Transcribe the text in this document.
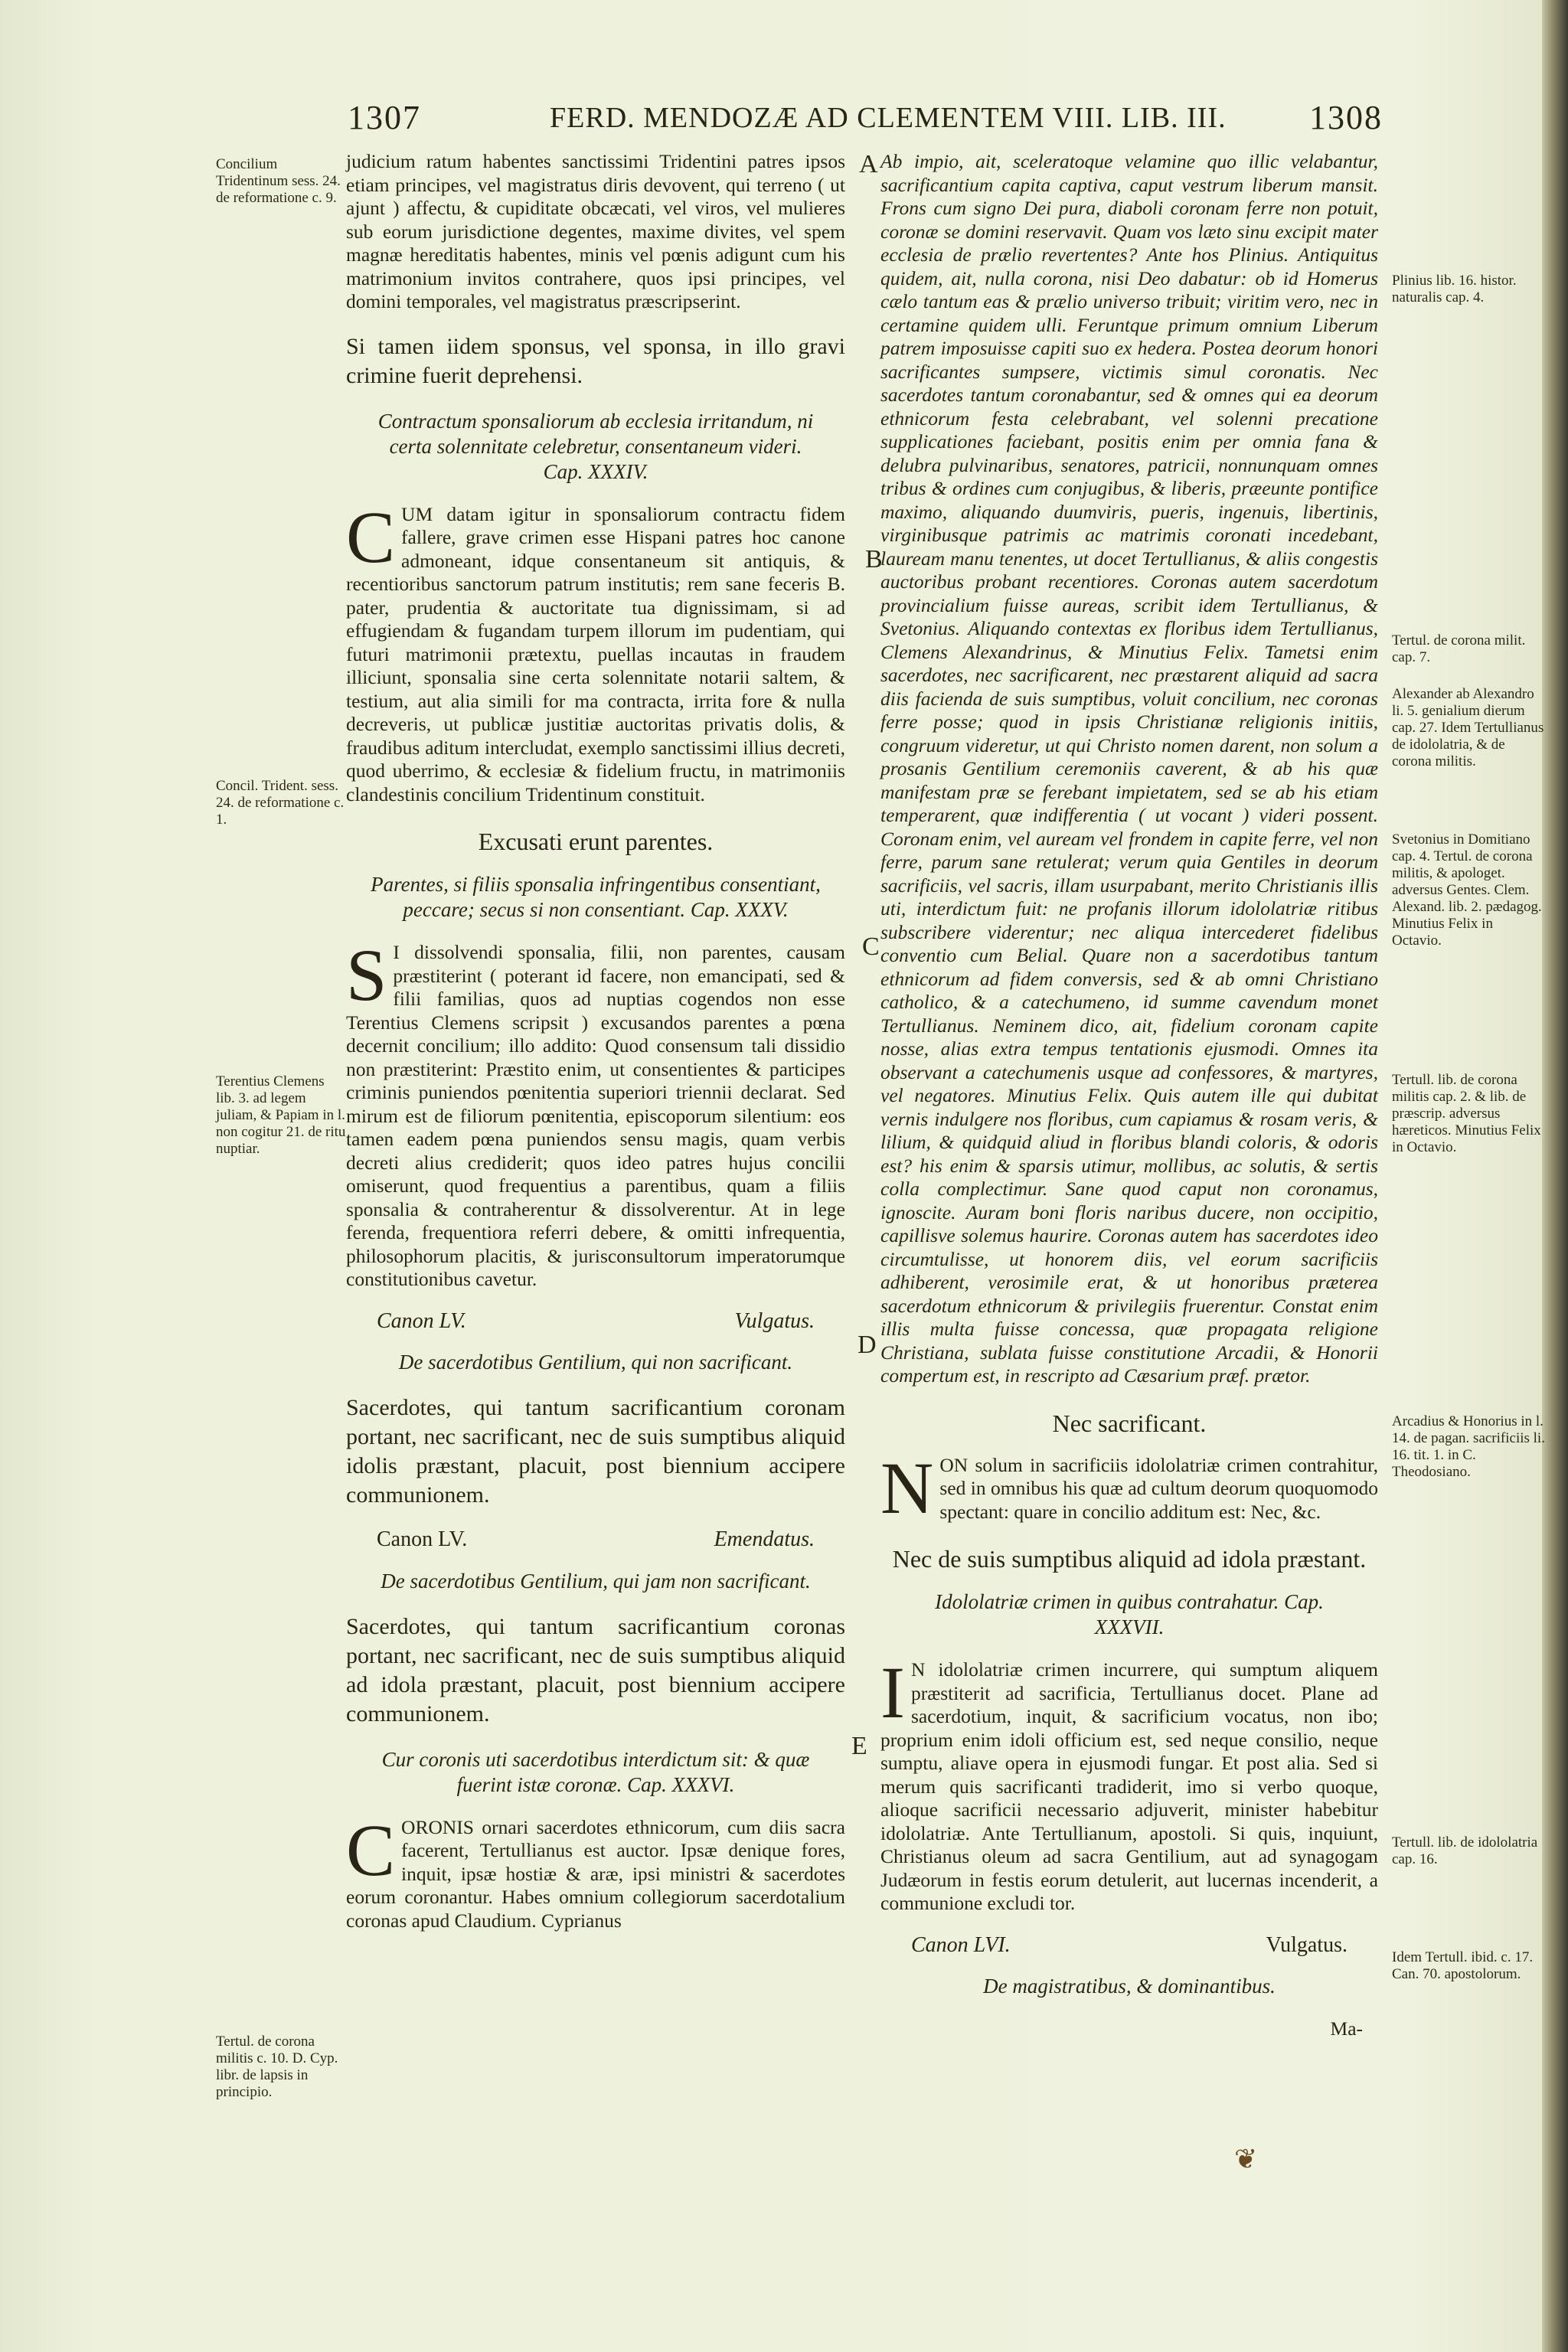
1307	FERD. MENDOZÆ AD CLEMENTEM VIII. LIB. III. 1308
Concilium Tridentinum sess. 24. de reformatione c. 9.
Concil. Trident. sess. 24. de reformatione c. 1.
Terentius Clemens lib. 3. ad legem juliam, & Papiam in l. non cogitur 21. de ritu nuptiar.
Tertul. de corona militis c. 10. D. Cyp. libr. de lapsis in principio.
A
B
C
D
E

judicium ratum habentes sanctissimi Tridentini patres ipsos etiam principes, vel magistratus diris devovent, qui terreno ( ut ajunt ) affectu, & cupiditate obcæcati, vel viros, vel mulieres sub eorum jurisdictione degentes, maxime divites, vel spem magnæ hereditatis habentes, minis vel pœnis adigunt cum his matrimonium invitos contrahere, quos ipsi principes, vel domini temporales, vel magistratus præscripserint.

Si tamen iidem sponsus, vel sponsa, in illo gravi crimine fuerit deprehensi.

Contractum sponsaliorum ab ecclesia irritandum, ni certa solennitate celebretur, consentaneum videri. Cap. XXXIV.

CUM datam igitur in sponsaliorum contractu fidem fallere, grave crimen esse Hispani patres hoc canone admoneant, idque consentaneum sit antiquis, & recentioribus sanctorum patrum institutis; rem sane feceris B. pater, prudentia & auctoritate tua dignissimam, si ad effugiendam & fugandam turpem illorum im pudentiam, qui futuri matrimonii prætextu, puellas incautas in fraudem illiciunt, sponsalia sine certa solennitate notarii saltem, & testium, aut alia simili for ma contracta, irrita fore & nulla decreveris, ut publicæ justitiæ auctoritas privatis dolis, & fraudibus aditum intercludat, exemplo sanctissimi illius decreti, quod uberrimo, & ecclesiæ & fidelium fructu, in matrimoniis clandestinis concilium Tridentinum constituit.

Excusati erunt parentes.

Parentes, si filiis sponsalia infringentibus consentiant, peccare; secus si non consentiant. Cap. XXXV.

S I dissolvendi sponsalia, filii, non parentes, causam præstiterint ( poterant id facere, non emancipati, sed & filii familias, quos ad nuptias cogendos non esse Terentius Clemens scripsit ) excusandos parentes a pœna decernit concilium; illo addito: Quod consensum tali dissidio non præstiterint: Præstito enim, ut consentientes & participes criminis puniendos pœnitentia superiori triennii declarat. Sed mirum est de filiorum pœnitentia, episcoporum silentium: eos tamen eadem pœna puniendos sensu magis, quam verbis decreti alius crediderit; quos ideo patres hujus concilii omiserunt, quod frequentius a parentibus, quam a filiis sponsalia & contraherentur & dissolverentur. At in lege ferenda, frequentiora referri debere, & omitti infrequentia, philosophorum placitis, & jurisconsultorum imperatorumque constitutionibus cavetur.

Canon LV.	Vulgatus.

De sacerdotibus Gentilium, qui non sacrificant.

Sacerdotes, qui tantum sacrificantium coronam portant, nec sacrificant, nec de suis sumptibus aliquid idolis præstant, placuit, post biennium accipere communionem.

Canon LV.	Emendatus.

De sacerdotibus Gentilium, qui jam non sacrificant.

Sacerdotes, qui tantum sacrificantium coronas portant, nec sacrificant, nec de suis sumptibus aliquid ad idola præstant, placuit, post biennium accipere communionem.

Cur coronis uti sacerdotibus interdictum sit: & quæ fuerint istæ coronæ. Cap. XXXVI.

CORONIS ornari sacerdotes ethnicorum, cum diis sacra facerent, Tertullianus est auctor. Ipsæ denique fores, inquit, ipsæ hostiæ & aræ, ipsi ministri & sacerdotes eorum coronantur. Habes omnium collegiorum sacerdotalium coronas apud Claudium. Cyprianus

Ab impio, ait, sceleratoque velamine quo illic velabantur, sacrificantium capita captiva, caput vestrum liberum mansit. Frons cum signo Dei pura, diaboli coronam ferre non potuit, coronæ se domini reservavit. Quam vos læto sinu excipit mater ecclesia de prælio revertentes? Ante hos Plinius. Antiquitus quidem, ait, nulla corona, nisi Deo dabatur: ob id Homerus cælo tantum eas & prælio universo tribuit; viritim vero, nec in certamine quidem ulli. Feruntque primum omnium Liberum patrem imposuisse capiti suo ex hedera. Postea deorum honori sacrificantes sumpsere, victimis simul coronatis. Nec sacerdotes tantum coronabantur, sed & omnes qui ea deorum ethnicorum festa celebrabant, vel solenni precatione supplicationes faciebant, positis enim per omnia fana & delubra pulvinaribus, senatores, patricii, nonnunquam omnes tribus & ordines cum conjugibus, & liberis, præeunte pontifice maximo, aliquando duumviris, pueris, ingenuis, libertinis, virginibusque patrimis ac matrimis coronati incedebant, lauream manu tenentes, ut docet Tertullianus, & aliis congestis auctoribus probant recentiores. Coronas autem sacerdotum provincialium fuisse aureas, scribit idem Tertullianus, & Svetonius. Aliquando contextas ex floribus idem Tertullianus, Clemens Alexandrinus, & Minutius Felix. Tametsi enim sacerdotes, nec sacrificarent, nec præstarent aliquid ad sacra diis facienda de suis sumptibus, voluit concilium, nec coronas ferre posse; quod in ipsis Christianæ religionis initiis, congruum videretur, ut qui Christo nomen darent, non solum a prosanis Gentilium ceremoniis caverent, & ab his quæ manifestam præ se ferebant impietatem, sed se ab his etiam temperarent, quæ indifferentia ( ut vocant ) videri possent. Coronam enim, vel auream vel frondem in capite ferre, vel non ferre, parum sane retulerat; verum quia Gentiles in deorum sacrificiis, vel sacris, illam usurpabant, merito Christianis illis uti, interdictum fuit: ne profanis illorum idololatriæ ritibus subscribere viderentur; nec aliqua intercederet fidelibus conventio cum Belial. Quare non a sacerdotibus tantum ethnicorum ad fidem conversis, sed & ab omni Christiano catholico, & a catechumeno, id summe cavendum monet Tertullianus. Neminem dico, ait, fidelium coronam capite nosse, alias extra tempus tentationis ejusmodi. Omnes ita observant a catechumenis usque ad confessores, & martyres, vel negatores. Minutius Felix. Quis autem ille qui dubitat vernis indulgere nos floribus, cum capiamus & rosam veris, & lilium, & quidquid aliud in floribus blandi coloris, & odoris est? his enim & sparsis utimur, mollibus, ac solutis, & sertis colla complectimur. Sane quod caput non coronamus, ignoscite. Auram boni floris naribus ducere, non occipitio, capillisve solemus haurire. Coronas autem has sacerdotes ideo circumtulisse, ut honorem diis, vel eorum sacrificiis adhiberent, verosimile erat, & ut honoribus præterea sacerdotum ethnicorum & privilegiis fruerentur. Constat enim illis multa fuisse concessa, quæ propagata religione Christiana, sublata fuisse constitutione Arcadii, & Honorii compertum est, in rescripto ad Cæsarium præf. prætor.

Nec sacrificant.

NON solum in sacrificiis idololatriæ crimen contrahitur, sed in omnibus his quæ ad cultum deorum quoquomodo spectant: quare in concilio additum est: Nec, &c.

Nec de suis sumptibus aliquid ad idola præstant.

Idololatriæ crimen in quibus contrahatur. Cap. XXXVII.

I N idololatriæ crimen incurrere, qui sumptum aliquem præstiterit ad sacrificia, Tertullianus docet. Plane ad sacerdotium, inquit, & sacrificium vocatus, non ibo; proprium enim idoli officium est, sed neque consilio, neque sumptu, aliave opera in ejusmodi fungar. Et post alia. Sed si merum quis sacrificanti tradiderit, imo si verbo quoque, alioque sacrificii necessario adjuverit, minister habebitur idololatriæ. Ante Tertullianum, apostoli. Si quis, inquiunt, Christianus oleum ad sacra Gentilium, aut ad synagogam Judæorum in festis eorum detulerit, aut lucernas incenderit, a communione excludi tor.

Canon LVI.	Vulgatus.

De magistratibus, & dominantibus.

Ma-

Plinius lib. 16. histor. naturalis cap. 4.
Tertul. de corona milit. cap. 7.
Alexander ab Alexandro li. 5. genialium dierum cap. 27. Idem Tertullianus de idololatria, & de corona militis.
Svetonius in Domitiano cap. 4. Tertul. de corona militis, & apologet. adversus Gentes. Clem. Alexand. lib. 2. pædagog. Minutius Felix in Octavio.
Tertull. lib. de corona militis cap. 2. & lib. de præscrip. adversus hæreticos. Minutius Felix in Octavio.
Arcadius & Honorius in l. 14. de pagan. sacrificiis li. 16. tit. 1. in C. Theodosiano.
Tertull. lib. de idololatria cap. 16.
Idem Tertull. ibid. c. 17. Can. 70. apostolorum.
❦
